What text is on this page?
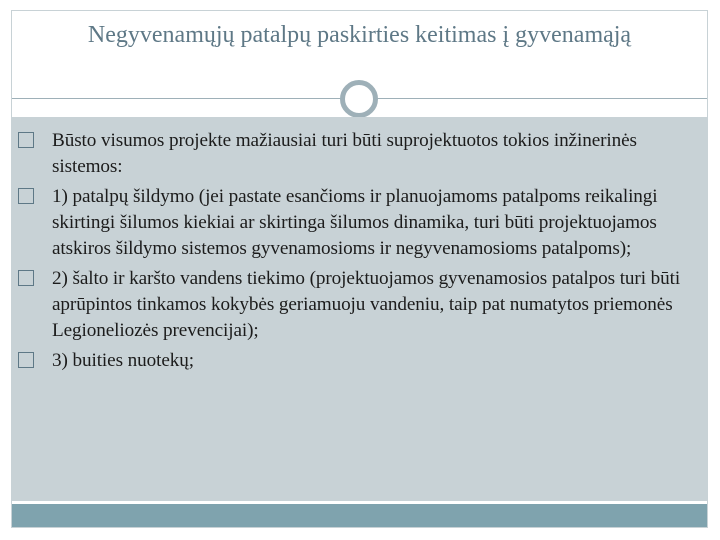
Negyvenamųjų patalpų paskirties keitimas į gyvenamąją
Būsto visumos projekte mažiausiai turi būti suprojektuotos tokios inžinerinės sistemos:
1) patalpų šildymo (jei pastate esančioms ir planuojamoms patalpoms reikalingi skirtingi šilumos kiekiai ar skirtinga šilumos dinamika, turi būti projektuojamos atskiros šildymo sistemos gyvenamosioms ir negyvenamosioms patalpoms);
2) šalto ir karšto vandens tiekimo (projektuojamos gyvenamosios patalpos turi būti aprūpintos tinkamos kokybės geriamuoju vandeniu, taip pat numatytos priemonės Legioneliozės prevencijai);
3) buities nuotekų;
